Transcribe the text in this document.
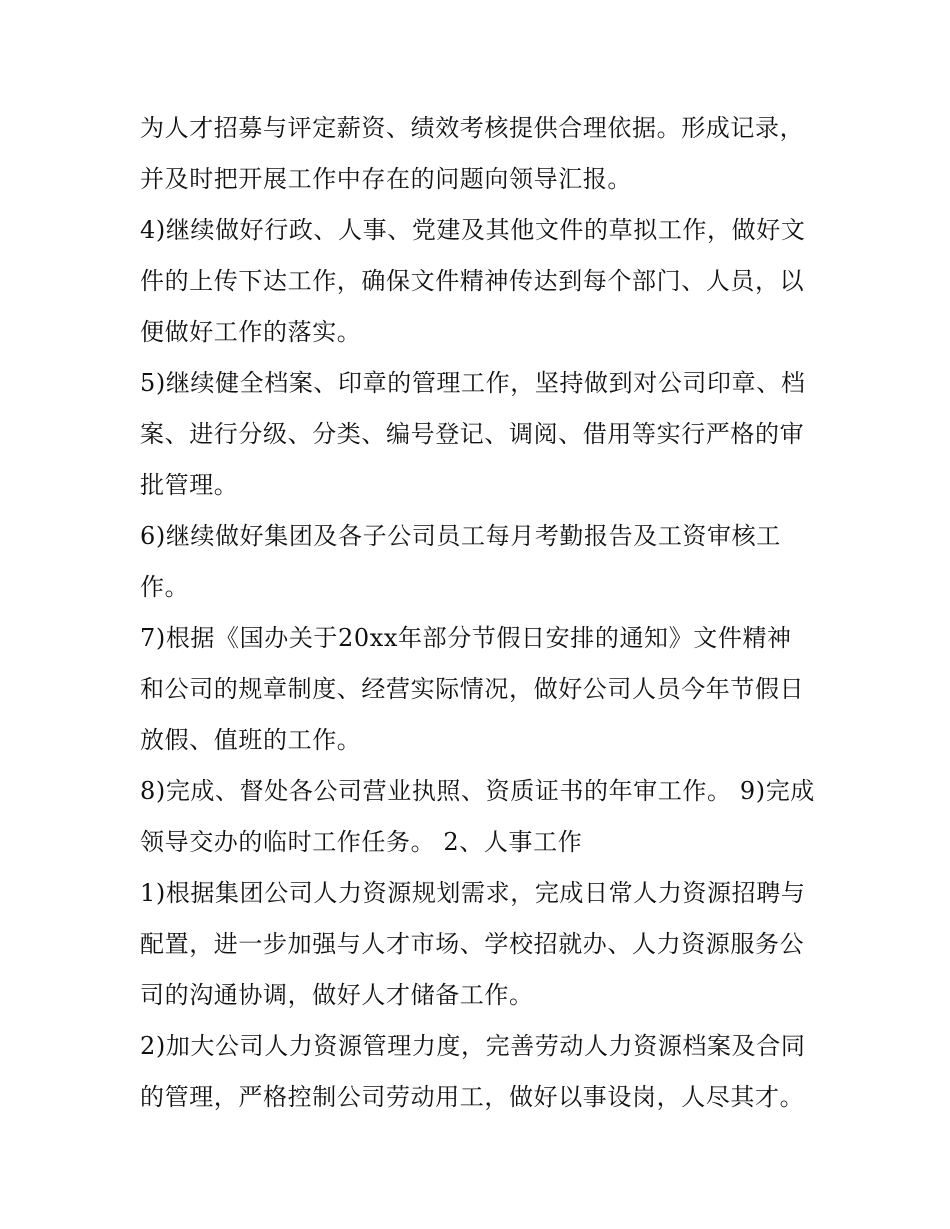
为人才招募与评定薪资、绩效考核提供合理依据。形成记录，
并及时把开展工作中存在的问题向领导汇报。
4)继续做好行政、人事、党建及其他文件的草拟工作，做好文
件的上传下达工作，确保文件精神传达到每个部门、人员，以
便做好工作的落实。
5)继续健全档案、印章的管理工作，坚持做到对公司印章、档
案、进行分级、分类、编号登记、调阅、借用等实行严格的审
批管理。
6)继续做好集团及各子公司员工每月考勤报告及工资审核工
作。
7)根据《国办关于20xx年部分节假日安排的通知》文件精神
和公司的规章制度、经营实际情况，做好公司人员今年节假日
放假、值班的工作。
8)完成、督处各公司营业执照、资质证书的年审工作。 9)完成
领导交办的临时工作任务。 2、人事工作
1)根据集团公司人力资源规划需求，完成日常人力资源招聘与
配置，进一步加强与人才市场、学校招就办、人力资源服务公
司的沟通协调，做好人才储备工作。
2)加大公司人力资源管理力度，完善劳动人力资源档案及合同
的管理，严格控制公司劳动用工，做好以事设岗，人尽其才。
